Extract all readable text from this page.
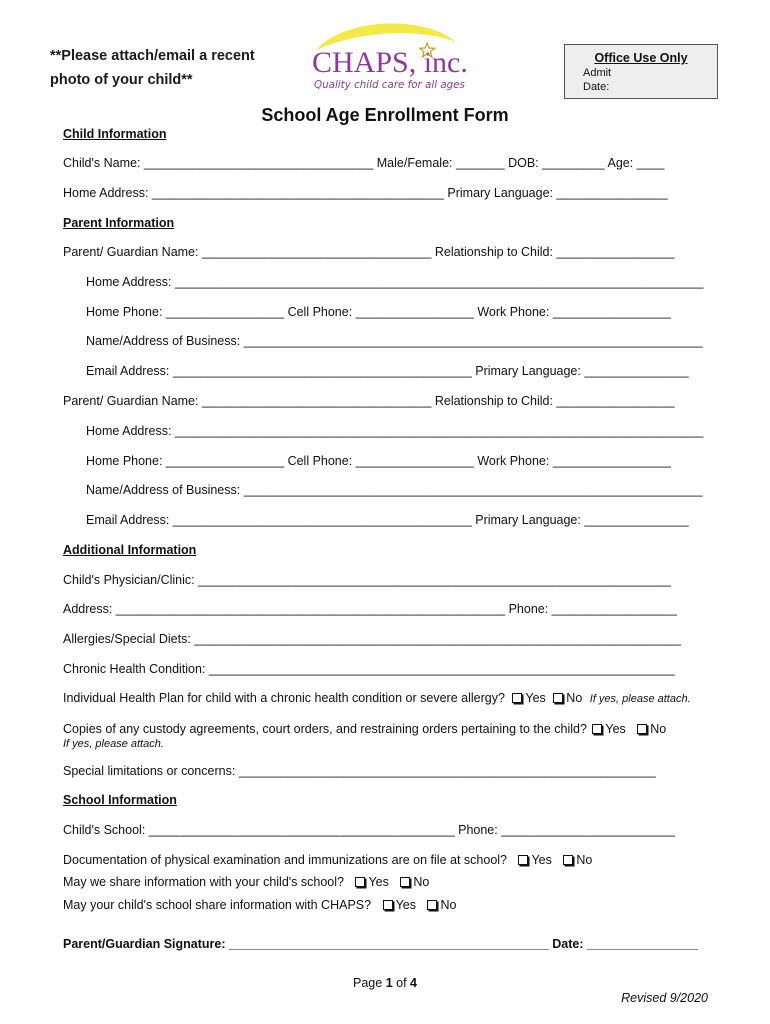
**Please attach/email a recent photo of your child**
CHAPS, inc.
Quality child care for all ages
Office Use Only
Admit
Date:
School Age Enrollment Form
Child Information
Child's Name: _________________________________ Male/Female: _______ DOB: _________ Age: ____
Home Address: __________________________________________ Primary Language: ________________
Parent Information
Parent/ Guardian Name: _________________________________ Relationship to Child: _________________
Home Address: ____________________________________________________________________________
Home Phone: _________________ Cell Phone: _________________ Work Phone: _________________
Name/Address of Business: __________________________________________________________________
Email Address: ___________________________________________ Primary Language: _______________
Parent/ Guardian Name: _________________________________ Relationship to Child: _________________
Home Address: ____________________________________________________________________________
Home Phone: _________________ Cell Phone: _________________ Work Phone: _________________
Name/Address of Business: __________________________________________________________________
Email Address: ___________________________________________ Primary Language: _______________
Additional Information
Child's Physician/Clinic: ____________________________________________________________________
Address: ________________________________________________________ Phone: __________________
Allergies/Special Diets: ______________________________________________________________________
Chronic Health Condition: ___________________________________________________________________
Individual Health Plan for child with a chronic health condition or severe allergy? Yes No If yes, please attach.
Copies of any custody agreements, court orders, and restraining orders pertaining to the child? Yes No
If yes, please attach.
Special limitations or concerns: ____________________________________________________________
School Information
Child's School: ____________________________________________ Phone: _________________________
Documentation of physical examination and immunizations are on file at school? Yes No
May we share information with your child's school? Yes No
May your child's school share information with CHAPS? Yes No
Parent/Guardian Signature: ______________________________________________ Date: ________________
Page 1 of 4
Revised 9/2020
